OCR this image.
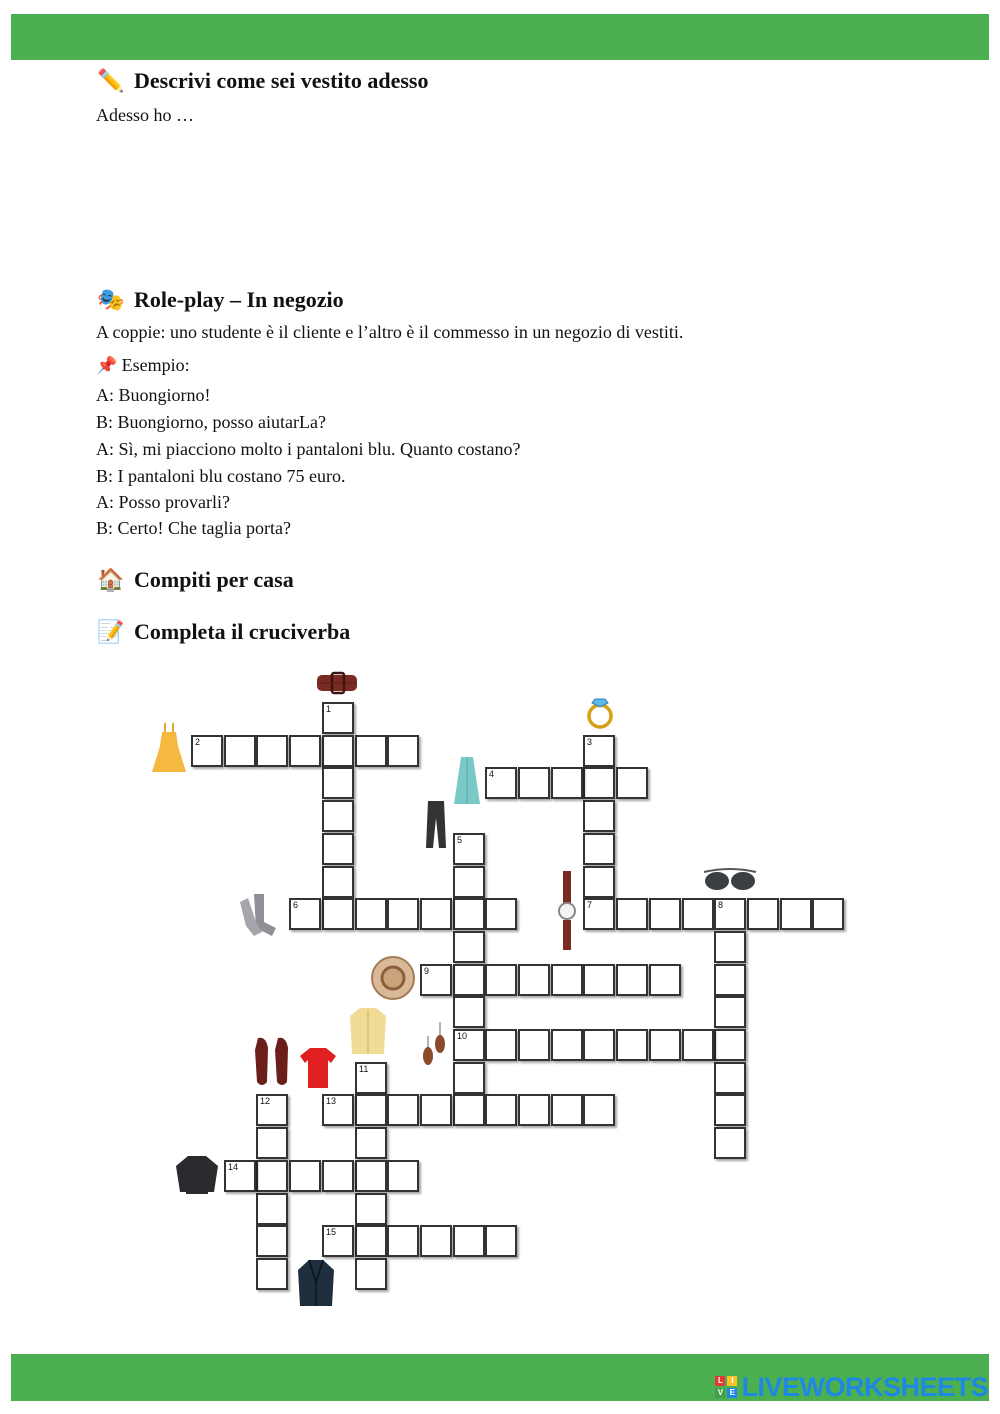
✏️ Descrivi come sei vestito adesso

Adesso ho …

🎭 Role-play – In negozio

A coppie: uno studente è il cliente e l’altro è il commesso in un negozio di vestiti.

📌 Esempio:

A: Buongiorno!

B: Buongiorno, posso aiutarLa?

A: Sì, mi piacciono molto i pantaloni blu. Quanto costano?

B: I pantaloni blu costano 75 euro.

A: Posso provarli?

B: Certo! Che taglia porta?

🏠 Compiti per casa
📝 Completa il cruciverba
1
2	3
7
4
5
10
6	8
9
11
12	13
14
15
L	I
V E LIVEWORKSHEETS
